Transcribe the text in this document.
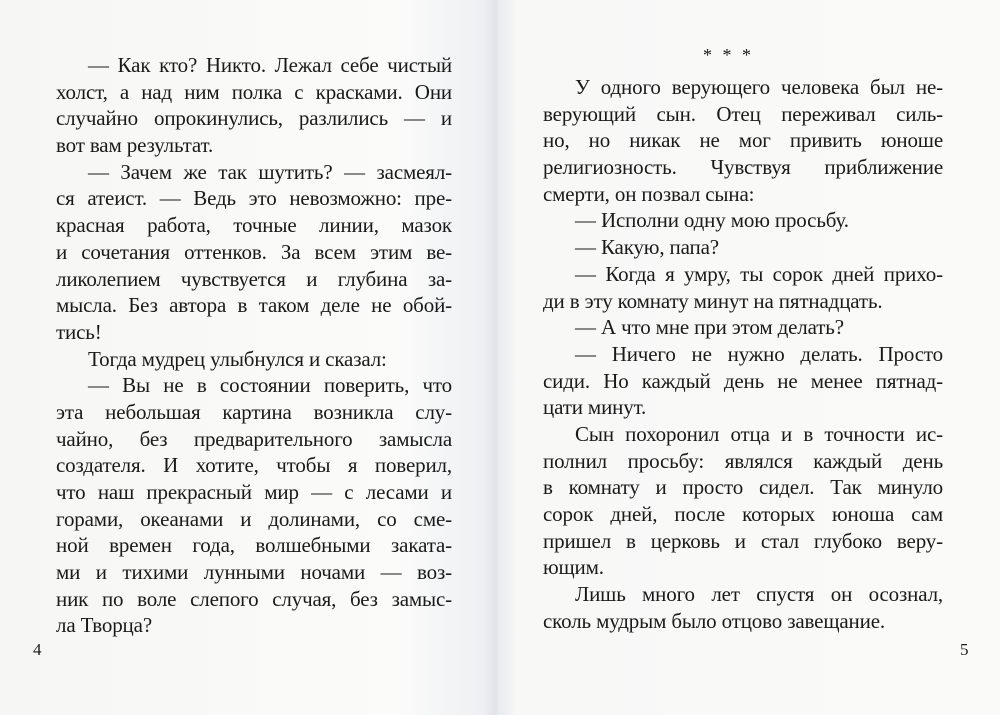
— Как кто? Никто. Лежал себе чистый
холст, а над ним полка с красками. Они
случайно опрокинулись, разлились — и
вот вам результат.
— Зачем же так шутить? — засмеял-
ся атеист. — Ведь это невозможно: пре-
красная работа, точные линии, мазок
и сочетания оттенков. За всем этим ве-
ликолепием чувствуется и глубина за-
мысла. Без автора в таком деле не обой-
тись!
Тогда мудрец улыбнулся и сказал:
— Вы не в состоянии поверить, что
эта небольшая картина возникла слу-
чайно, без предварительного замысла
создателя. И хотите, чтобы я поверил,
что наш прекрасный мир — с лесами и
горами, океанами и долинами, со сме-
ной времен года, волшебными заката-
ми и тихими лунными ночами — воз-
ник по воле слепого случая, без замыс-
ла Творца?
4
* * *
У одного верующего человека был не-
верующий сын. Отец переживал силь-
но, но никак не мог привить юноше
религиозность. Чувствуя приближение
смерти, он позвал сына:
— Исполни одну мою просьбу.
— Какую, папа?
— Когда я умру, ты сорок дней прихо-
ди в эту комнату минут на пятнадцать.
— А что мне при этом делать?
— Ничего не нужно делать. Просто
сиди. Но каждый день не менее пятнад-
цати минут.
Сын похоронил отца и в точности ис-
полнил просьбу: являлся каждый день
в комнату и просто сидел. Так минуло
сорок дней, после которых юноша сам
пришел в церковь и стал глубоко веру-
ющим.
Лишь много лет спустя он осознал,
сколь мудрым было отцово завещание.
5
